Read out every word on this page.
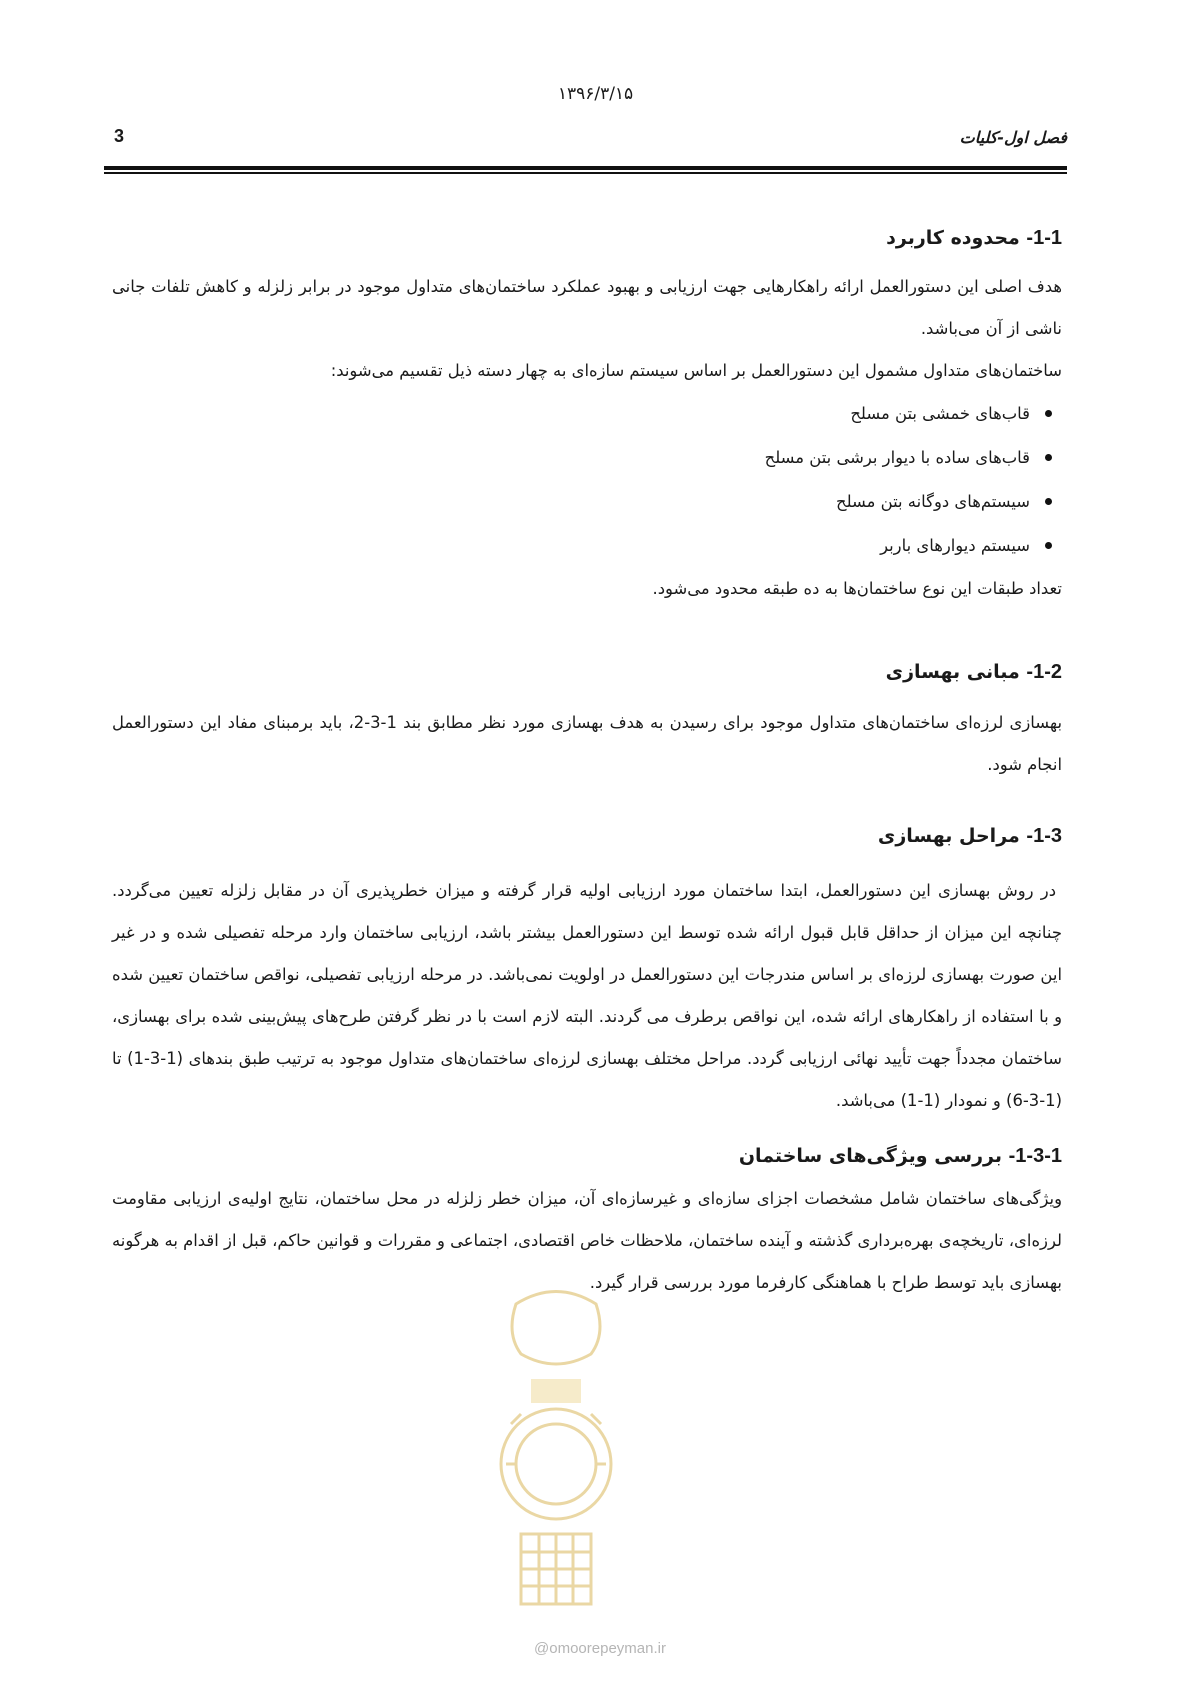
۱۳۹۶/۳/۱۵
فصل اول-کلیات
3
1-1- محدوده کاربرد

هدف اصلی این دستورالعمل ارائه راهکارهایی جهت ارزیابی و بهبود عملکرد ساختمان‌های متداول موجود در برابر زلزله و کاهش تلفات جانی ناشی از آن می‌باشد.

ساختمان‌های متداول مشمول این دستورالعمل بر اساس سیستم سازه‌ای به چهار دسته ذیل تقسیم می‌شوند:

قاب‌های خمشی بتن مسلح
قاب‌های ساده با دیوار برشی بتن مسلح
سیستم‌های دوگانه بتن مسلح
سیستم دیوارهای باربر

تعداد طبقات این نوع ساختمان‌ها به ده طبقه محدود می‌شود.

1-2- مبانی بهسازی

بهسازی لرزه‌ای ساختمان‌های متداول موجود برای رسیدن به هدف بهسازی مورد نظر مطابق بند 1-3-2، باید برمبنای مفاد این دستورالعمل انجام شود.

1-3- مراحل بهسازی

در روش بهسازی این دستورالعمل، ابتدا ساختمان مورد ارزیابی اولیه قرار گرفته و میزان خطرپذیری آن در مقابل زلزله تعیین می‌گردد. چنانچه این میزان از حداقل قابل قبول ارائه شده توسط این دستورالعمل بیشتر باشد، ارزیابی ساختمان وارد مرحله تفصیلی شده و در غیر این صورت بهسازی لرزه‌ای بر اساس مندرجات این دستورالعمل در اولویت نمی‌باشد. در مرحله ارزیابی تفصیلی، نواقص ساختمان تعیین شده و با استفاده از راهکارهای ارائه شده، این نواقص برطرف می گردند. البته لازم است با در نظر گرفتن طرح‌های پیش‌بینی شده برای بهسازی، ساختمان مجدداً جهت تأیید نهائی ارزیابی گردد. مراحل مختلف بهسازی لرزه‌ای ساختمان‌های متداول موجود به ترتیب طبق بندهای (1-3-1) تا (1-3-6) و نمودار (1-1) می‌باشد.

1-3-1- بررسی ویژگی‌های ساختمان

ویژگی‌های ساختمان شامل مشخصات اجزای سازه‌ای و غیرسازه‌ای آن، میزان خطر زلزله در محل ساختمان، نتایج اولیه‌ی ارزیابی مقاومت لرزه‌ای، تاریخچه‌ی بهره‌برداری گذشته و آینده ساختمان، ملاحظات خاص اقتصادی، اجتماعی و مقررات و قوانین حاکم، قبل از اقدام به هرگونه بهسازی باید توسط طراح با هماهنگی کارفرما مورد بررسی قرار گیرد.

@omoorepeyman.ir
